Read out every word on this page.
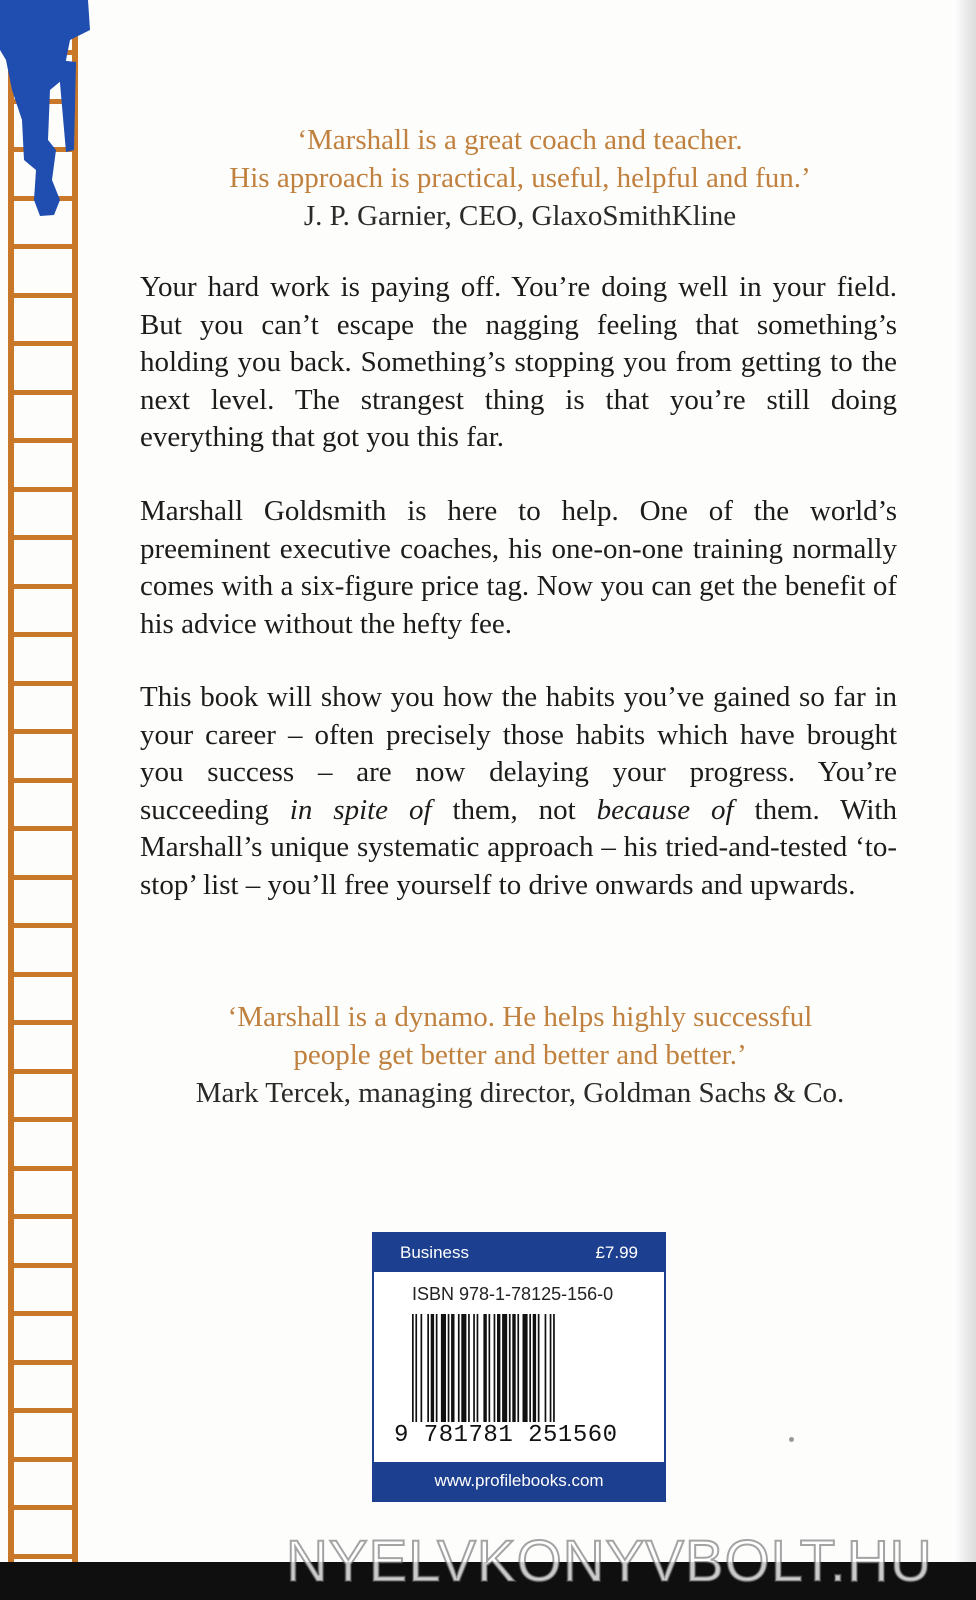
‘Marshall is a great coach and teacher.
His approach is practical, useful, helpful and fun.’
J. P. Garnier, CEO, GlaxoSmithKline
Your hard work is paying off. You’re doing well in your field. But you can’t escape the nagging feeling that something’s holding you back. Something’s stopping you from getting to the next level. The strangest thing is that you’re still doing everything that got you this far.
Marshall Goldsmith is here to help. One of the world’s preeminent executive coaches, his one-on-one training normally comes with a six-figure price tag. Now you can get the benefit of his advice without the hefty fee.
This book will show you how the habits you’ve gained so far in your career – often precisely those habits which have brought you success – are now delaying your progress. You’re succeeding in spite of them, not because of them. With Marshall’s unique systematic approach – his tried-and-tested ‘to-stop’ list – you’ll free yourself to drive onwards and upwards.
‘Marshall is a dynamo. He helps highly successful
people get better and better and better.’
Mark Tercek, managing director, Goldman Sachs & Co.
Business	£7.99
ISBN 978-1-78125-156-0
9 781781 251560
www.profilebooks.com
NYELVKONYVBOLT.HU
